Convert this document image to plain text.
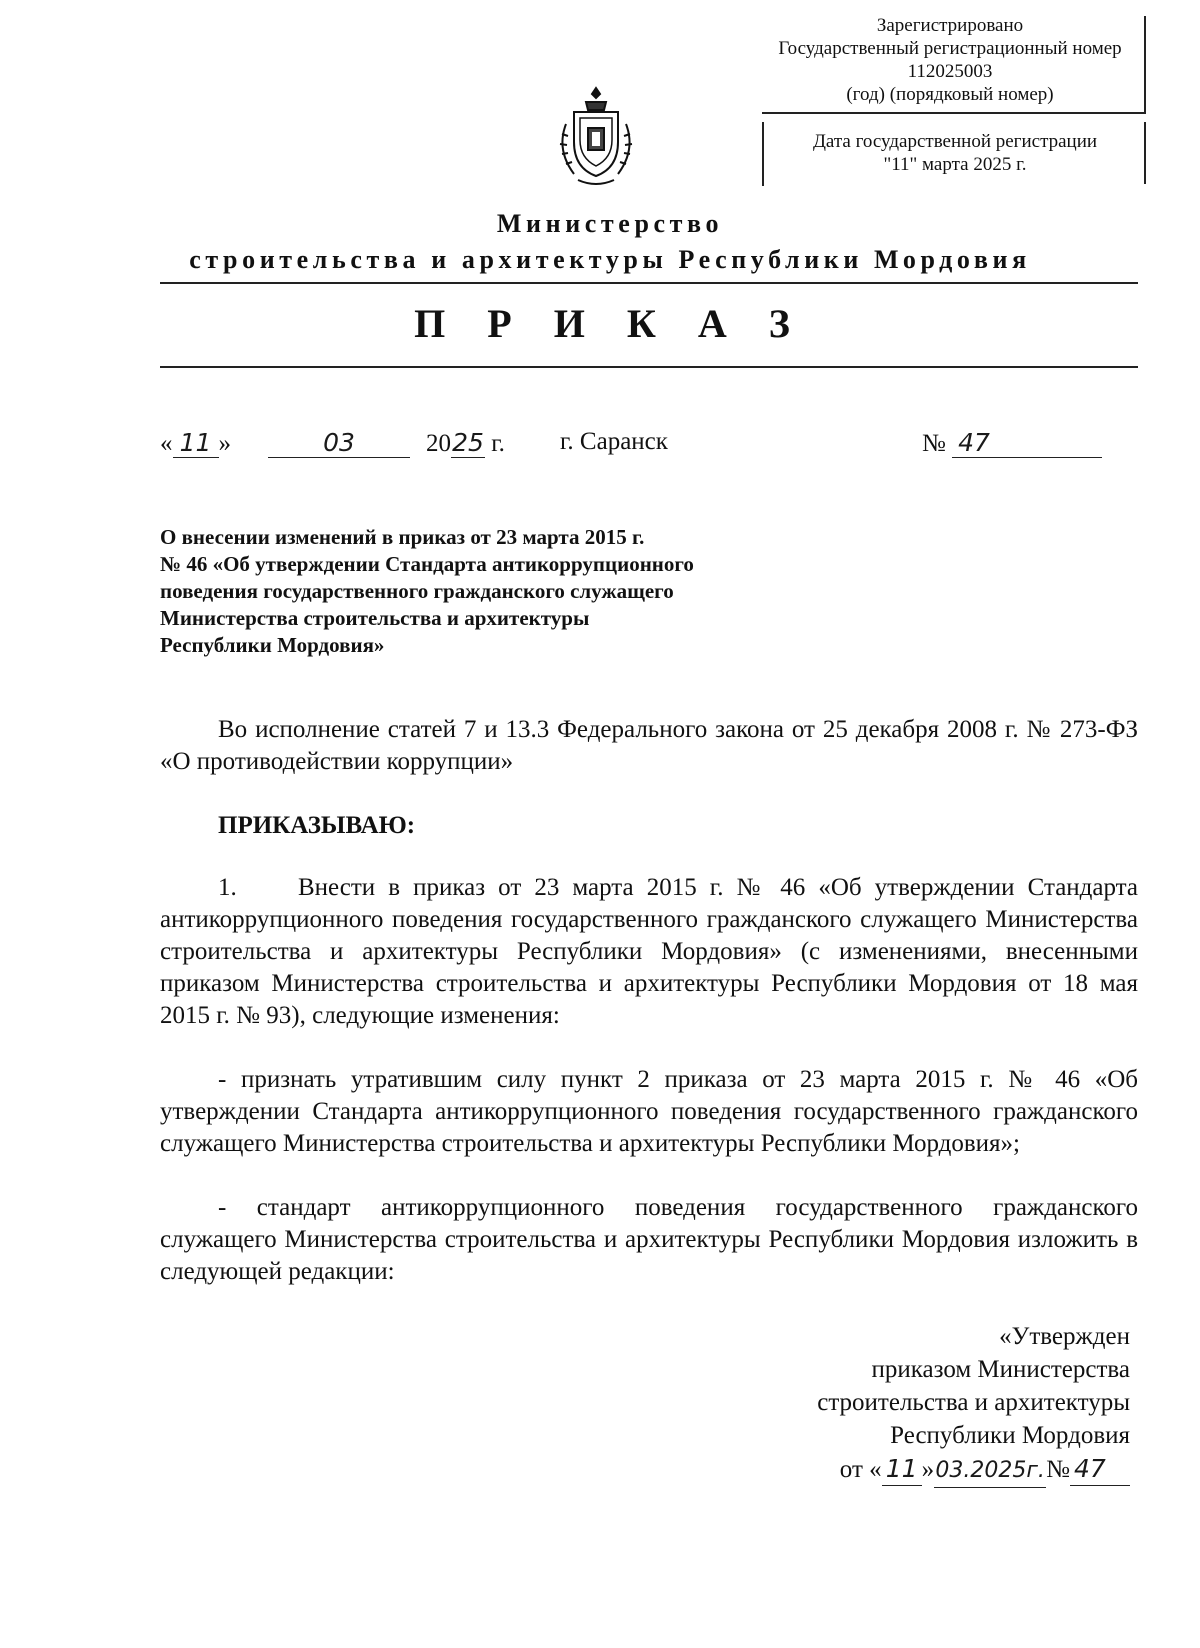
Зарегистрировано
Государственный регистрационный номер
112025003
(год) (порядковый номер)
Дата государственной регистрации
"11" марта 2025 г.
Министерство
строительства и архитектуры Республики Мордовия
П Р И К А З
« 11 »	03	2025 г. г. Саранск	№ 47
О внесении изменений в приказ от 23 марта 2015 г.
№ 46 «Об утверждении Стандарта антикоррупционного
поведения государственного гражданского служащего
Министерства строительства и архитектуры
Республики Мордовия»
Во исполнение статей 7 и 13.3 Федерального закона от 25 декабря 2008 г. № 273-ФЗ «О противодействии коррупции»
ПРИКАЗЫВАЮ:
1. Внести в приказ от 23 марта 2015 г. № 46 «Об утверждении Стандарта антикоррупционного поведения государственного гражданского служащего Министерства строительства и архитектуры Республики Мордовия» (с изменениями, внесенными приказом Министерства строительства и архитектуры Республики Мордовия от 18 мая 2015 г. № 93), следующие изменения:
- признать утратившим силу пункт 2 приказа от 23 марта 2015 г. № 46 «Об утверждении Стандарта антикоррупционного поведения государственного гражданского служащего Министерства строительства и архитектуры Республики Мордовия»;
- стандарт антикоррупционного поведения государственного гражданского служащего Министерства строительства и архитектуры Республики Мордовия изложить в следующей редакции:
«Утвержден
приказом Министерства
строительства и архитектуры
Республики Мордовия
от « 11 »03.2025г.№ 47
